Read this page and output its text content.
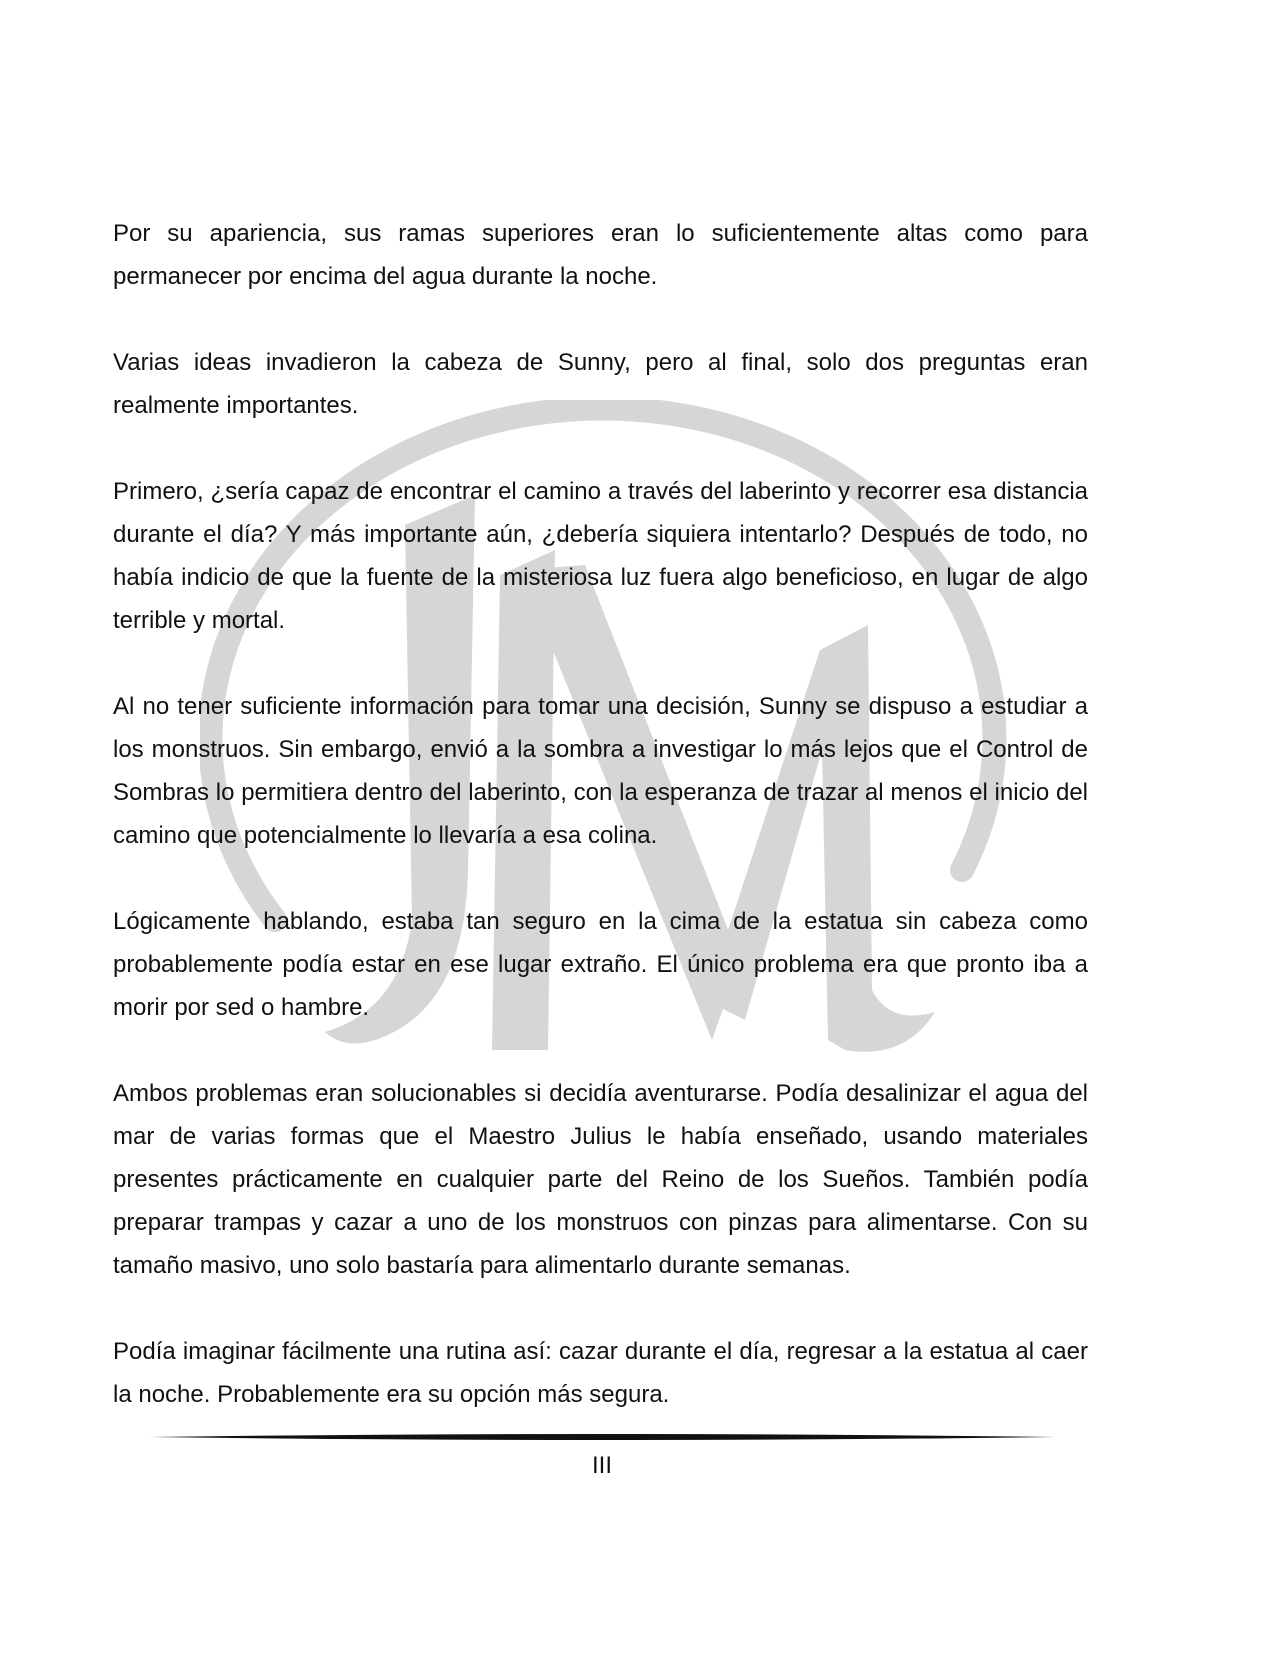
Por su apariencia, sus ramas superiores eran lo suficientemente altas como para permanecer por encima del agua durante la noche.

Varias ideas invadieron la cabeza de Sunny, pero al final, solo dos preguntas eran realmente importantes.

Primero, ¿sería capaz de encontrar el camino a través del laberinto y recorrer esa distancia durante el día? Y más importante aún, ¿debería siquiera intentarlo? Después de todo, no había indicio de que la fuente de la misteriosa luz fuera algo beneficioso, en lugar de algo terrible y mortal.

Al no tener suficiente información para tomar una decisión, Sunny se dispuso a estudiar a los monstruos. Sin embargo, envió a la sombra a investigar lo más lejos que el Control de Sombras lo permitiera dentro del laberinto, con la esperanza de trazar al menos el inicio del camino que potencialmente lo llevaría a esa colina.

Lógicamente hablando, estaba tan seguro en la cima de la estatua sin cabeza como probablemente podía estar en ese lugar extraño. El único problema era que pronto iba a morir por sed o hambre.

Ambos problemas eran solucionables si decidía aventurarse. Podía desalinizar el agua del mar de varias formas que el Maestro Julius le había enseñado, usando materiales presentes prácticamente en cualquier parte del Reino de los Sueños. También podía preparar trampas y cazar a uno de los monstruos con pinzas para alimentarse. Con su tamaño masivo, uno solo bastaría para alimentarlo durante semanas.

Podía imaginar fácilmente una rutina así: cazar durante el día, regresar a la estatua al caer la noche. Probablemente era su opción más segura.

III
